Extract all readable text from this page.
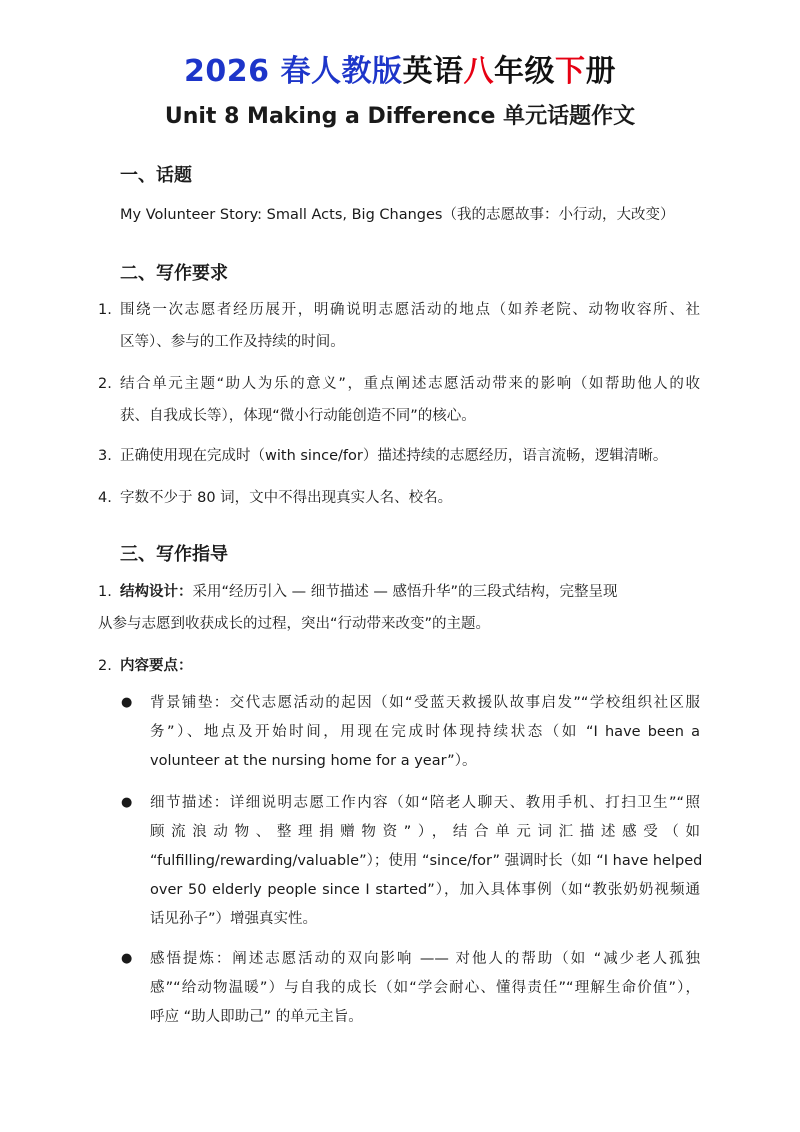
2026 春人教版英语八年级下册
Unit 8 Making a Difference 单元话题作文
一、话题
My Volunteer Story: Small Acts, Big Changes（我的志愿故事：小行动，大改变）
二、写作要求
1. 围绕一次志愿者经历展开，明确说明志愿活动的地点（如养老院、动物收容所、社
区等）、参与的工作及持续的时间。
2. 结合单元主题“助人为乐的意义”，重点阐述志愿活动带来的影响（如帮助他人的收
获、自我成长等），体现“微小行动能创造不同”的核心。
3. 正确使用现在完成时（with since/for）描述持续的志愿经历，语言流畅，逻辑清晰。
4. 字数不少于 80 词，文中不得出现真实人名、校名。
三、写作指导
1. 结构设计：采用“经历引入 — 细节描述 — 感悟升华”的三段式结构，完整呈现
从参与志愿到收获成长的过程，突出“行动带来改变”的主题。
2. 内容要点：
● 背景铺垫：交代志愿活动的起因（如“受蓝天救援队故事启发”“学校组织社区服
务”）、地点及开始时间，用现在完成时体现持续状态（如 “I have been a
volunteer at the nursing home for a year”）。
● 细节描述：详细说明志愿工作内容（如“陪老人聊天、教用手机、打扫卫生”“照
顾流浪动物、整理捐赠物资”），结合单元词汇描述感受（如
“fulfilling/rewarding/valuable”）；使用 “since/for” 强调时长（如 “I have helped
over 50 elderly people since I started”），加入具体事例（如“教张奶奶视频通
话见孙子”）增强真实性。
● 感悟提炼：阐述志愿活动的双向影响 —— 对他人的帮助（如 “减少老人孤独
感”“给动物温暖”）与自我的成长（如“学会耐心、懂得责任”“理解生命价值”），
呼应 “助人即助己” 的单元主旨。
